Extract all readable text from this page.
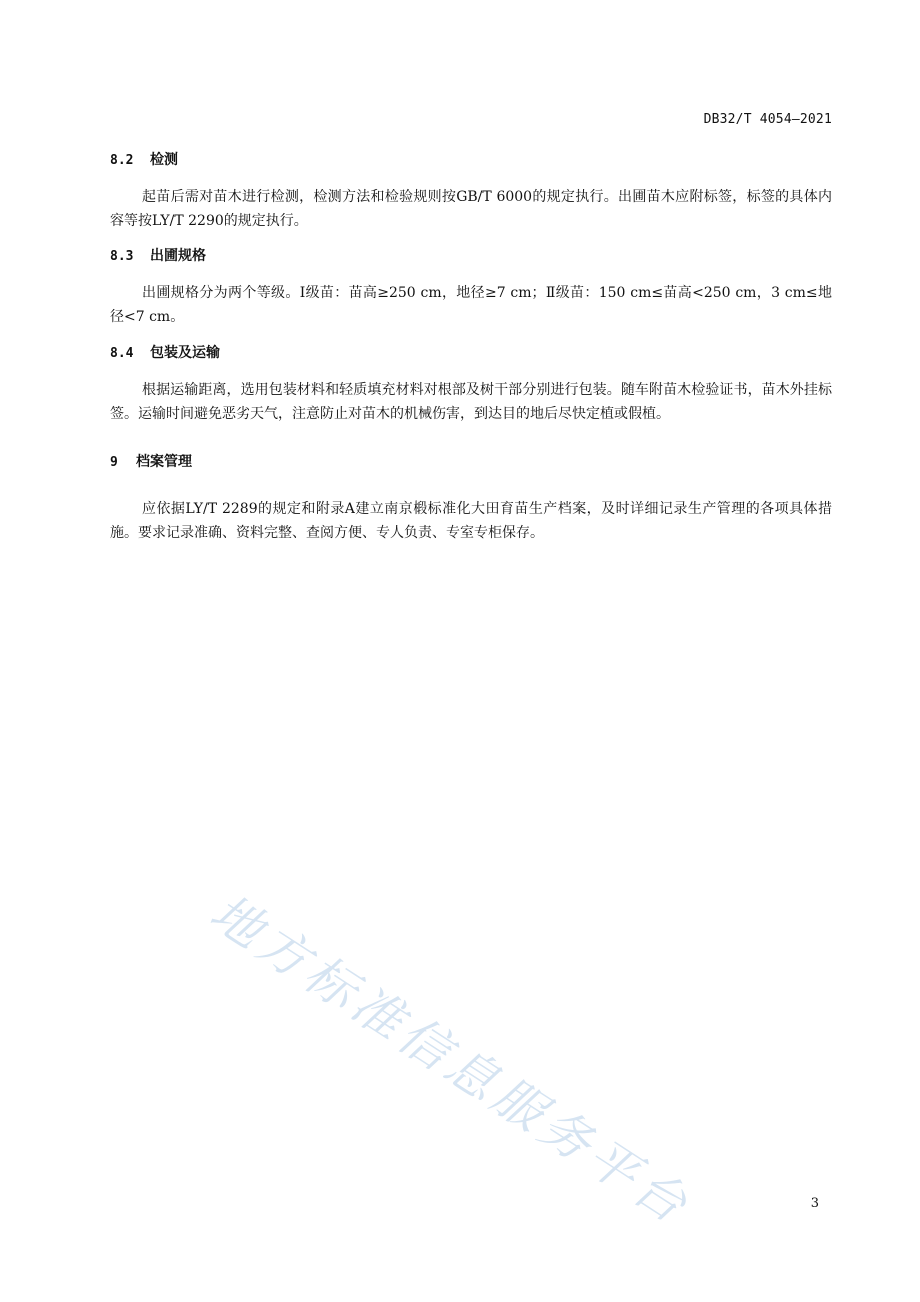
DB32/T 4054—2021
8.2 检测

起苗后需对苗木进行检测，检测方法和检验规则按GB/T 6000的规定执行。出圃苗木应附标签，标签的具体内容等按LY/T 2290的规定执行。

8.3 出圃规格

出圃规格分为两个等级。Ⅰ级苗：苗高≥250 cm，地径≥7 cm；Ⅱ级苗：150 cm≤苗高<250 cm，3 cm≤地径<7 cm。

8.4 包装及运输

根据运输距离，选用包装材料和轻质填充材料对根部及树干部分别进行包装。随车附苗木检验证书，苗木外挂标签。运输时间避免恶劣天气，注意防止对苗木的机械伤害，到达目的地后尽快定植或假植。

9 档案管理

应依据LY/T 2289的规定和附录A建立南京椴标准化大田育苗生产档案，及时详细记录生产管理的各项具体措施。要求记录准确、资料完整、查阅方便、专人负责、专室专柜保存。

地方标准信息服务平台	3
